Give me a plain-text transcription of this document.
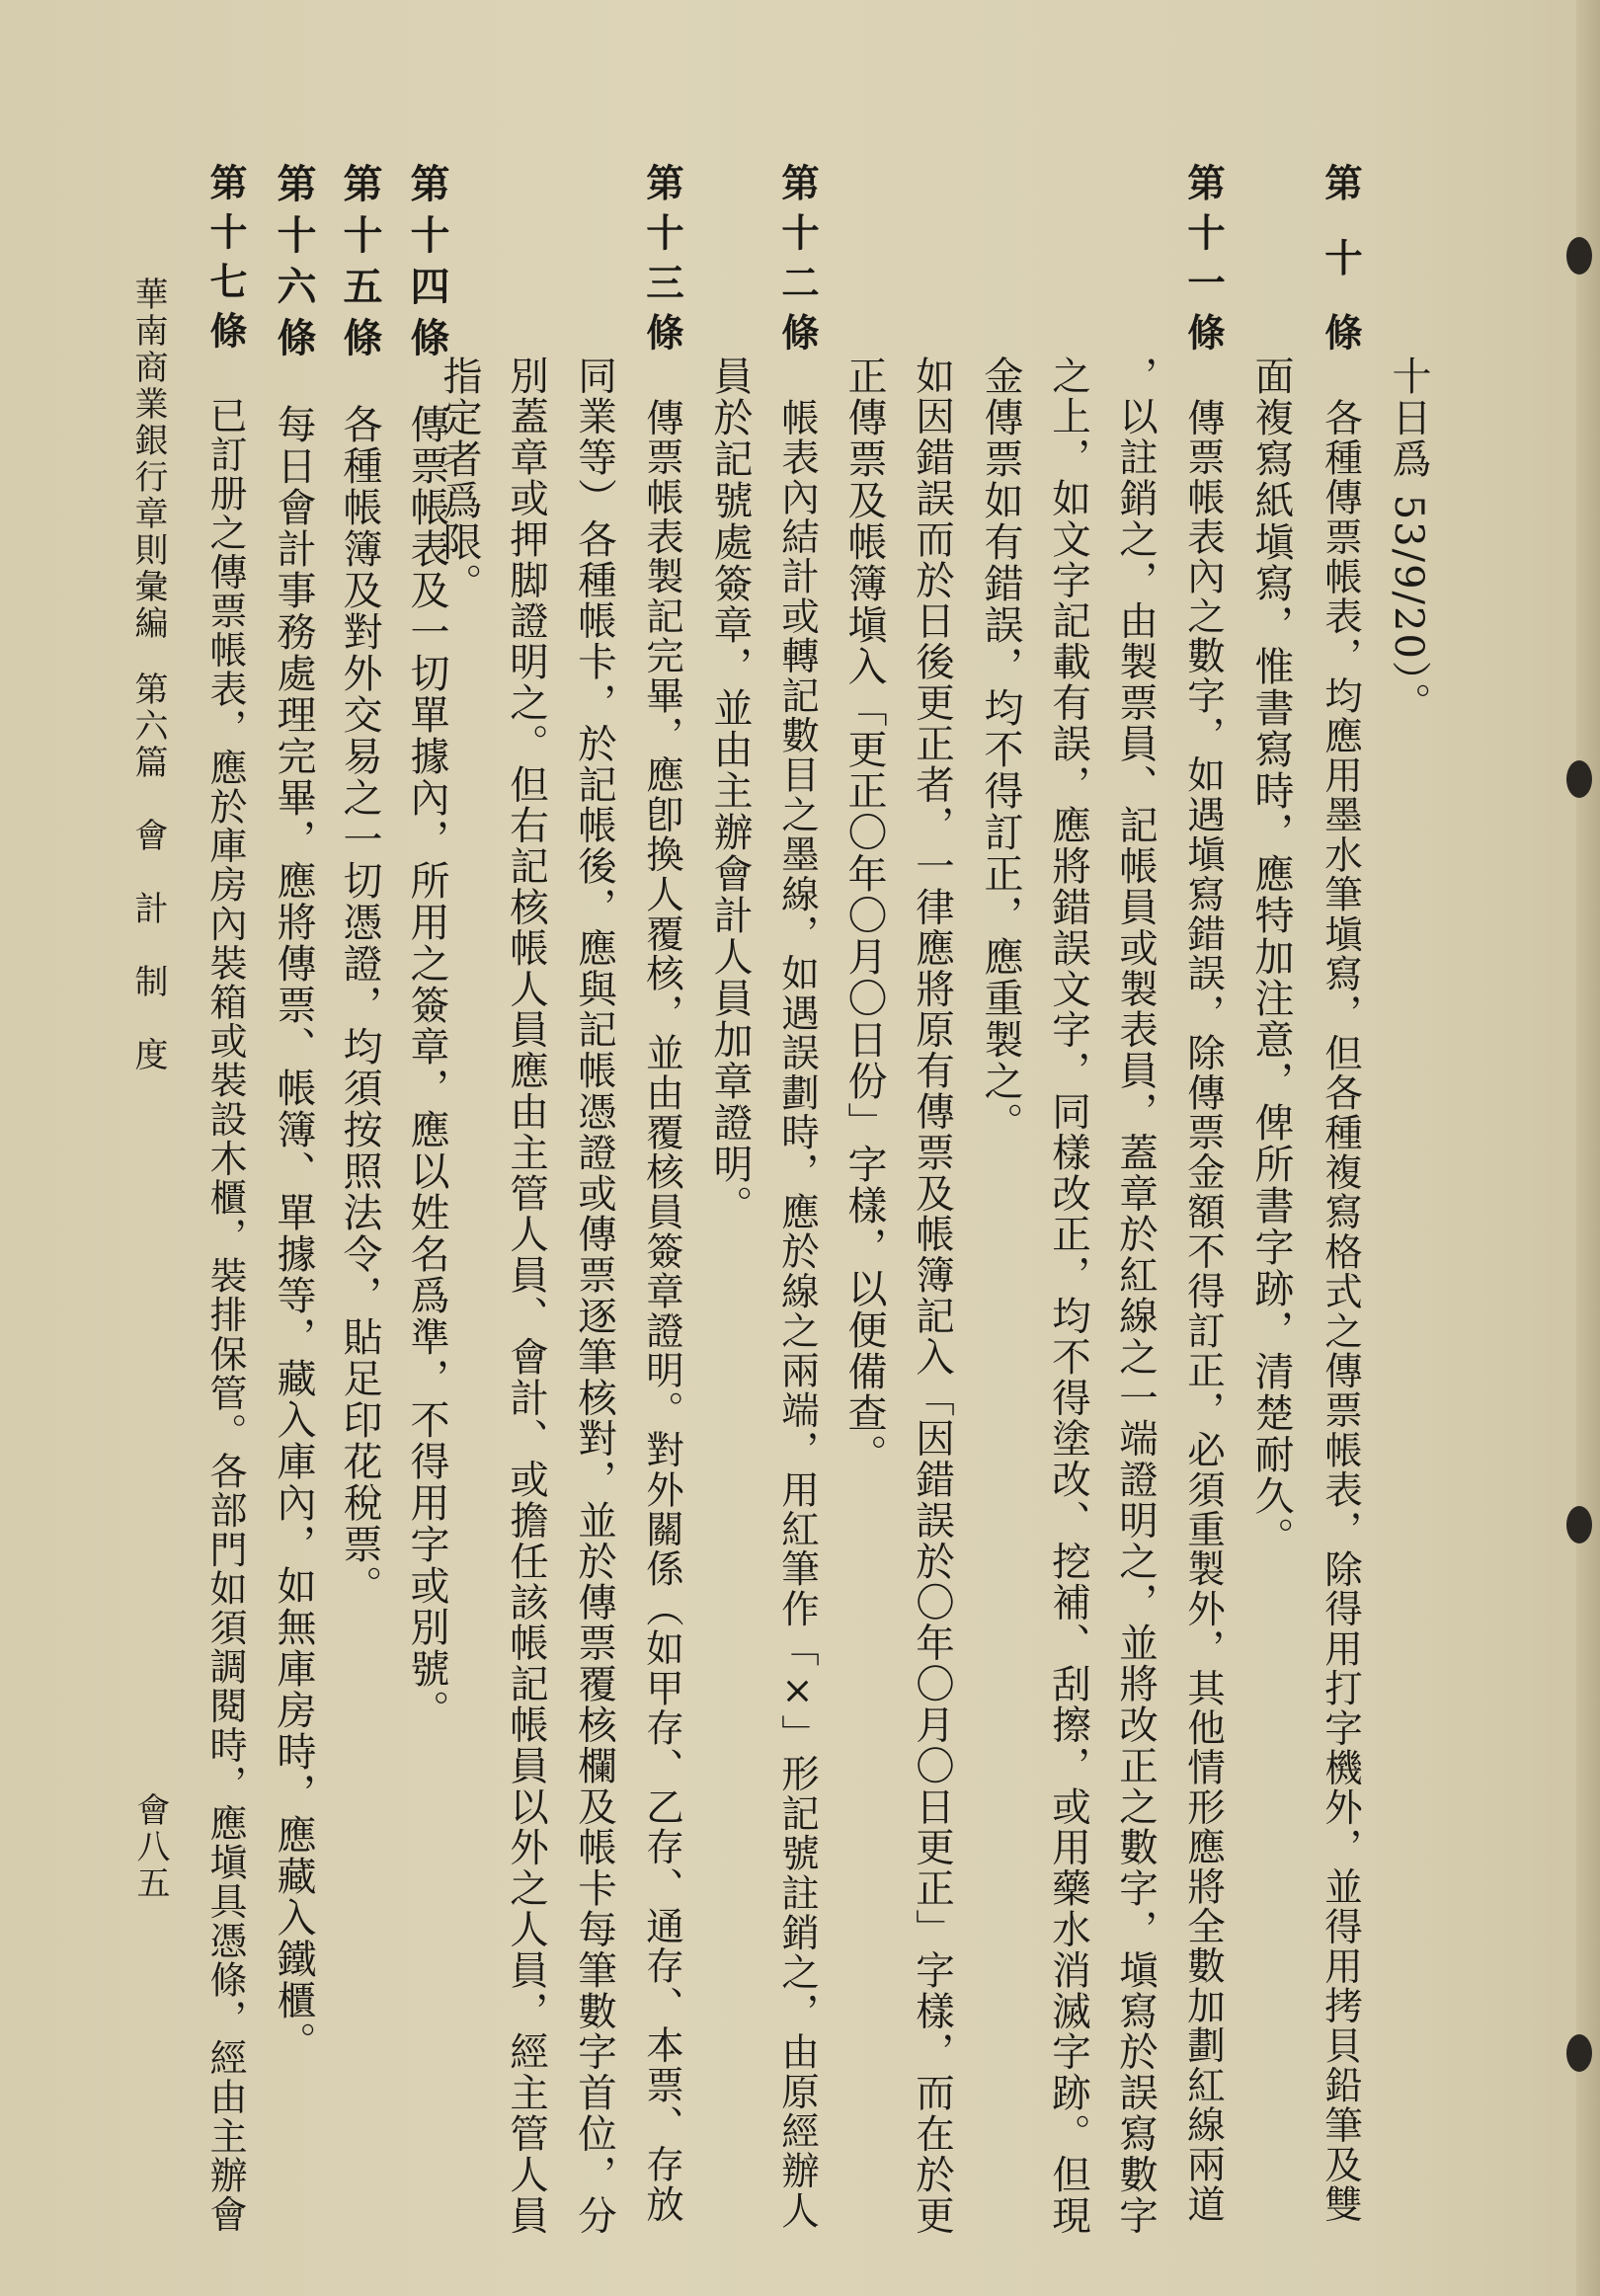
十日爲 53/9/20）。
第 十 條各種傳票帳表，均應用墨水筆塡寫，但各種複寫格式之傳票帳表，除得用打字機外，並得用拷貝鉛筆及雙
面複寫紙塡寫，惟書寫時，應特加注意，俾所書字跡，清楚耐久。
第十一條傳票帳表內之數字，如遇塡寫錯誤，除傳票金額不得訂正，必須重製外，其他情形應將全數加劃紅線兩道
，以註銷之，由製票員、記帳員或製表員，蓋章於紅線之一端證明之，並將改正之數字，塡寫於誤寫數字
之上，如文字記載有誤，應將錯誤文字，同樣改正，均不得塗改、挖補、刮擦，或用藥水消滅字跡。但現
金傳票如有錯誤，均不得訂正，應重製之。
如因錯誤而於日後更正者，一律應將原有傳票及帳簿記入「因錯誤於〇年〇月〇日更正」字樣，而在於更
正傳票及帳簿塡入「更正〇年〇月〇日份」字樣，以便備查。
第十二條帳表內結計或轉記數目之墨線，如遇誤劃時，應於線之兩端，用紅筆作「×」形記號註銷之，由原經辦人
員於記號處簽章，並由主辦會計人員加章證明。
第十三條傳票帳表製記完畢，應卽換人覆核，並由覆核員簽章證明。對外關係（如甲存、乙存、通存、本票、存放
同業等）各種帳卡，於記帳後，應與記帳憑證或傳票逐筆核對，並於傳票覆核欄及帳卡每筆數字首位，分
別蓋章或押脚證明之。但右記核帳人員應由主管人員、會計、或擔任該帳記帳員以外之人員，經主管人員
指定者爲限。
第十四條傳票帳表及一切單據內，所用之簽章，應以姓名爲準，不得用字或別號。
第十五條各種帳簿及對外交易之一切憑證，均須按照法令，貼足印花稅票。
第十六條每日會計事務處理完畢，應將傳票、帳簿、單據等，藏入庫內，如無庫房時，應藏入鐵櫃。
第十七條已訂册之傳票帳表，應於庫房內裝箱或裝設木櫃，裝排保管。各部門如須調閱時，應塡具憑條，經由主辦會
華南商業銀行章則彙編第六篇　會　計　制　度
會八五
